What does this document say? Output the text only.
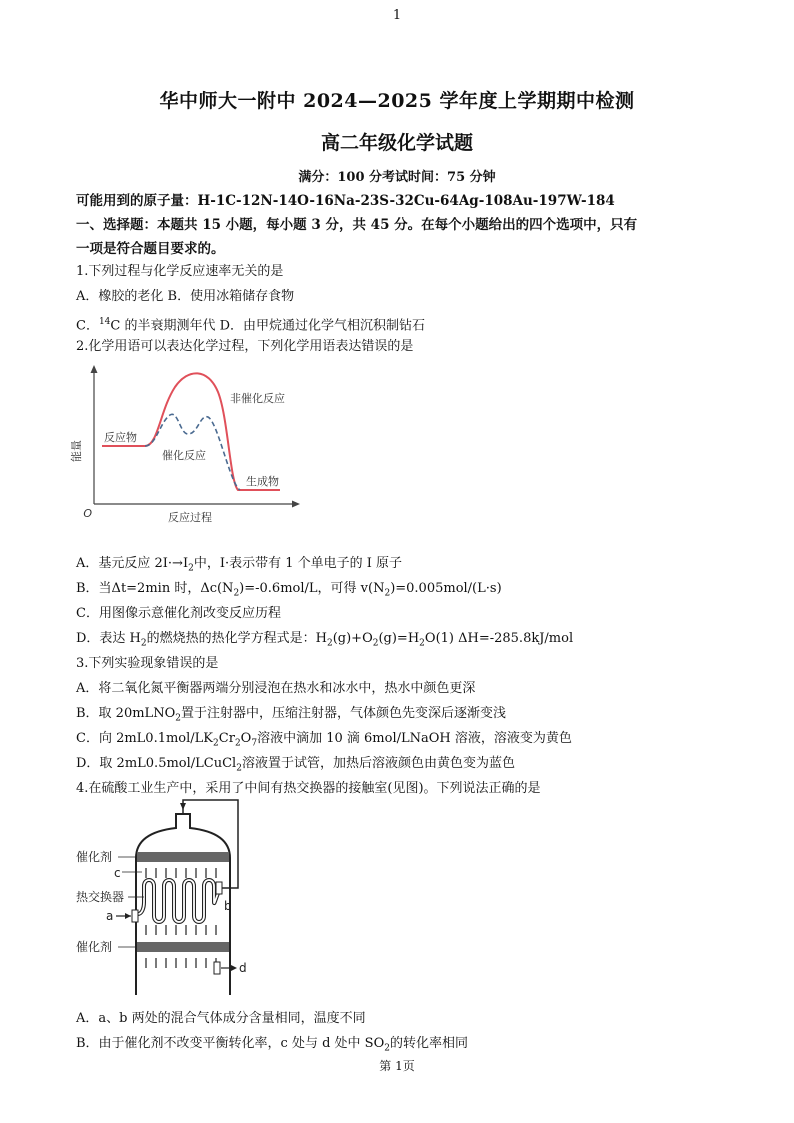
1
华中师大一附中 2024—2025 学年度上学期期中检测
高二年级化学试题
满分：100 分考试时间：75 分钟
可能用到的原子量：H-1C-12N-14O-16Na-23S-32Cu-64Ag-108Au-197W-184
一、选择题：本题共 15 小题，每小题 3 分，共 45 分。在每个小题给出的四个选项中，只有
一项是符合题目要求的。
1.下列过程与化学反应速率无关的是
A．橡胶的老化 B．使用冰箱储存食物
C．$^{14}$C 的半衰期测年代 D．由甲烷通过化学气相沉积制钻石
2.化学用语可以表达化学过程，下列化学用语表达错误的是
能量
O	反应过程
反应物
非催化反应
催化反应
生成物
A．基元反应 $2I\cdot\to I_2$中，I·表示带有 1 个单电子的 I 原子
B．当Δt=2min 时，$\Delta c(N_2)=-0.6mol/L$，可得 $v(N_2)=0.005mol/(L\cdot s)$
C．用图像示意催化剂改变反应历程
D．表达 $H_2$的燃烧热的热化学方程式是：$H_2(g)+O_2(g)=H_2O(1)$ ΔH=-285.8kJ/mol
3.下列实验现象错误的是
A．将二氧化氮平衡器两端分别浸泡在热水和冰水中，热水中颜色更深
B．取 20mLNO$_2$置于注射器中，压缩注射器，气体颜色先变深后逐渐变浅
C．向 $2mL0.1mol/LK_2Cr_2O_7$溶液中滴加 10 滴 6mol/LNaOH 溶液，溶液变为黄色
D．取 2mL0.5mol/LCuCl$_2$溶液置于试管，加热后溶液颜色由黄色变为蓝色
4.在硫酸工业生产中，采用了中间有热交换器的接触室(见图)。下列说法正确的是
催化剂
c
热交换器
a
b
催化剂
d
A．a、b 两处的混合气体成分含量相同，温度不同
B．由于催化剂不改变平衡转化率，c 处与 d 处中 $SO_2$的转化率相同
第 1页
